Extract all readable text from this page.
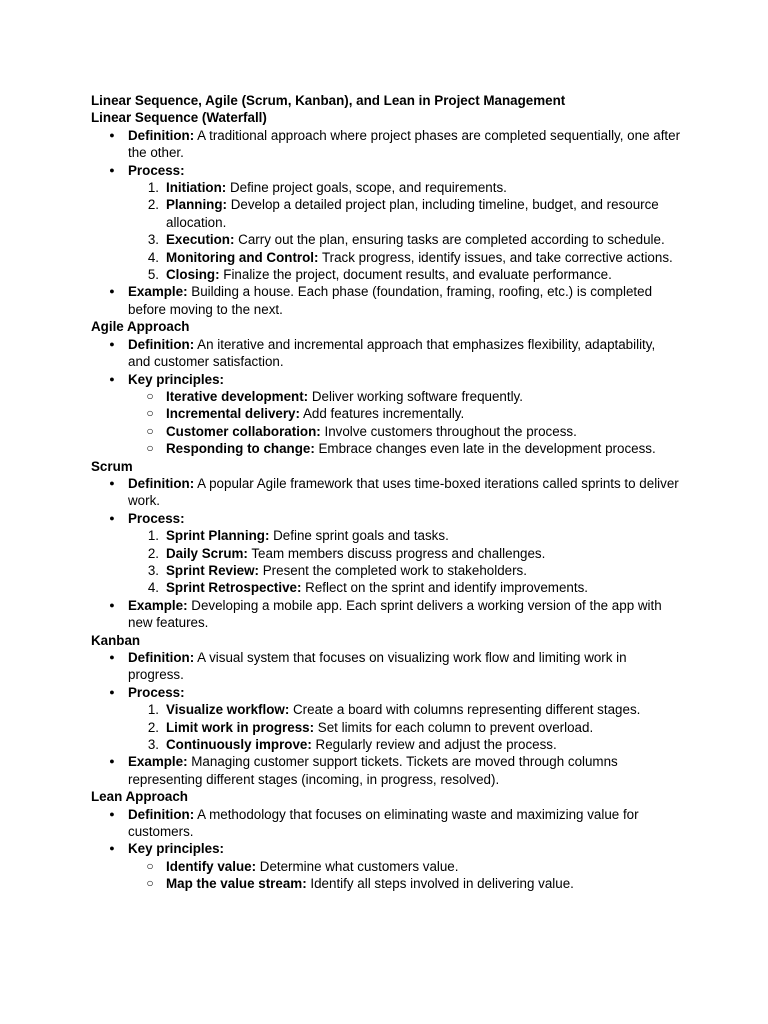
Linear Sequence, Agile (Scrum, Kanban), and Lean in Project Management
Linear Sequence (Waterfall)
● Definition: A traditional approach where project phases are completed sequentially, one after the other.
● Process:
1. Initiation: Define project goals, scope, and requirements.
2. Planning: Develop a detailed project plan, including timeline, budget, and resource allocation.
3. Execution: Carry out the plan, ensuring tasks are completed according to schedule.
4. Monitoring and Control: Track progress, identify issues, and take corrective actions.
5. Closing: Finalize the project, document results, and evaluate performance.
● Example: Building a house. Each phase (foundation, framing, roofing, etc.) is completed before moving to the next.
Agile Approach
● Definition: An iterative and incremental approach that emphasizes flexibility, adaptability, and customer satisfaction.
● Key principles:
○ Iterative development: Deliver working software frequently.
○ Incremental delivery: Add features incrementally.
○ Customer collaboration: Involve customers throughout the process.
○ Responding to change: Embrace changes even late in the development process.
Scrum
● Definition: A popular Agile framework that uses time-boxed iterations called sprints to deliver work.
● Process:
1. Sprint Planning: Define sprint goals and tasks.
2. Daily Scrum: Team members discuss progress and challenges.
3. Sprint Review: Present the completed work to stakeholders.
4. Sprint Retrospective: Reflect on the sprint and identify improvements.
● Example: Developing a mobile app. Each sprint delivers a working version of the app with new features.
Kanban
● Definition: A visual system that focuses on visualizing work flow and limiting work in progress.
● Process:
1. Visualize workflow: Create a board with columns representing different stages.
2. Limit work in progress: Set limits for each column to prevent overload.
3. Continuously improve: Regularly review and adjust the process.
● Example: Managing customer support tickets. Tickets are moved through columns representing different stages (incoming, in progress, resolved).
Lean Approach
● Definition: A methodology that focuses on eliminating waste and maximizing value for customers.
● Key principles:
○ Identify value: Determine what customers value.
○ Map the value stream: Identify all steps involved in delivering value.
